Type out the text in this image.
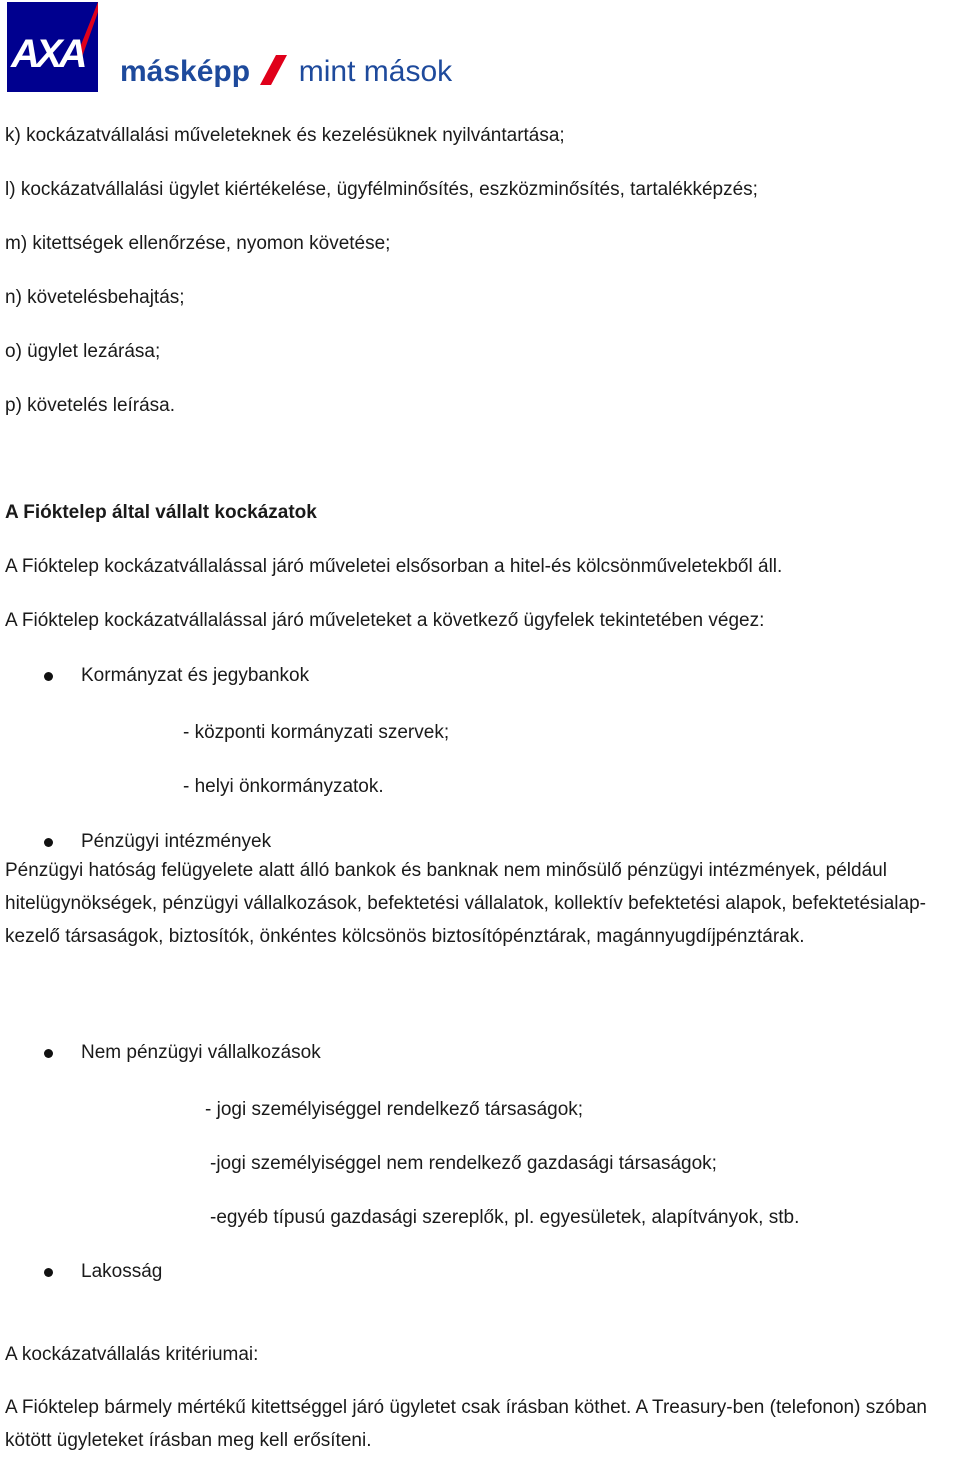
AXA másképp mint mások
k) kockázatvállalási műveleteknek és kezelésüknek nyilvántartása;
l) kockázatvállalási ügylet kiértékelése, ügyfélminősítés, eszközminősítés, tartalékképzés;
m) kitettségek ellenőrzése, nyomon követése;
n) követelésbehajtás;
o) ügylet lezárása;
p) követelés leírása.
A Fióktelep által vállalt kockázatok
A Fióktelep kockázatvállalással járó műveletei elsősorban a hitel-és kölcsönműveletekből áll.
A Fióktelep kockázatvállalással járó műveleteket a következő ügyfelek tekintetében végez:
Kormányzat és jegybankok
- központi kormányzati szervek;
- helyi önkormányzatok.
Pénzügyi intézmények
Pénzügyi hatóság felügyelete alatt álló bankok és banknak nem minősülő pénzügyi intézmények, például hitelügynökségek, pénzügyi vállalkozások, befektetési vállalatok, kollektív befektetési alapok, befektetésialap-kezelő társaságok, biztosítók, önkéntes kölcsönös biztosítópénztárak, magánnyugdíjpénztárak.
Nem pénzügyi vállalkozások
- jogi személyiséggel rendelkező társaságok;
-jogi személyiséggel nem rendelkező gazdasági társaságok;
-egyéb típusú gazdasági szereplők, pl. egyesületek, alapítványok, stb.
Lakosság
A kockázatvállalás kritériumai:
A Fióktelep bármely mértékű kitettséggel járó ügyletet csak írásban köthet. A Treasury-ben (telefonon) szóban kötött ügyleteket írásban meg kell erősíteni.
